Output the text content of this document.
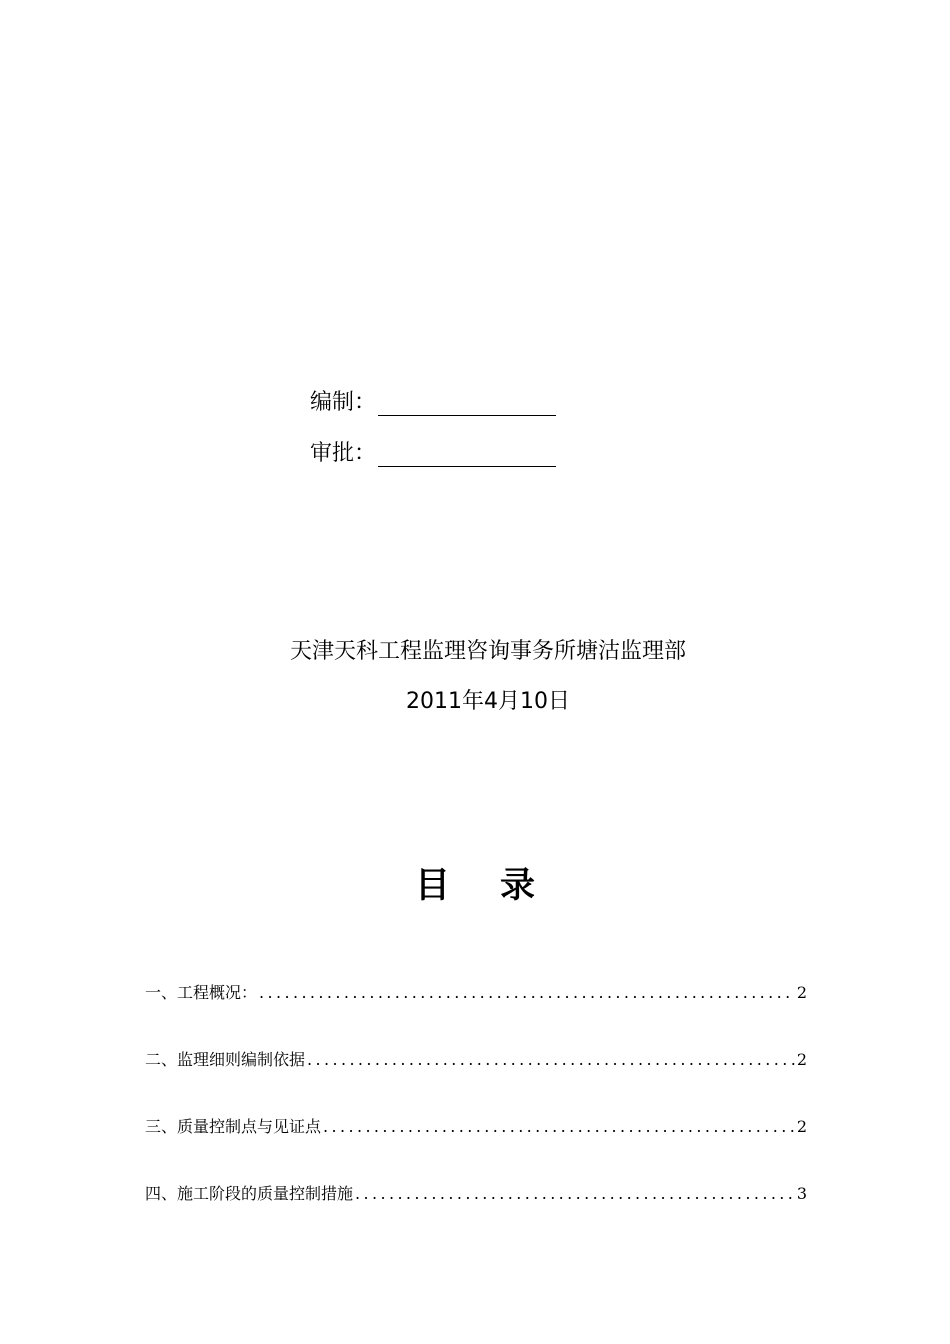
编制：
审批：
天津天科工程监理咨询事务所塘沽监理部
2011年4月10日
目 录
一、工程概况： .....	2
二、监理细则编制依据 .....	2
三、质量控制点与见证点 .....	2
四、施工阶段的质量控制措施 .....	3
